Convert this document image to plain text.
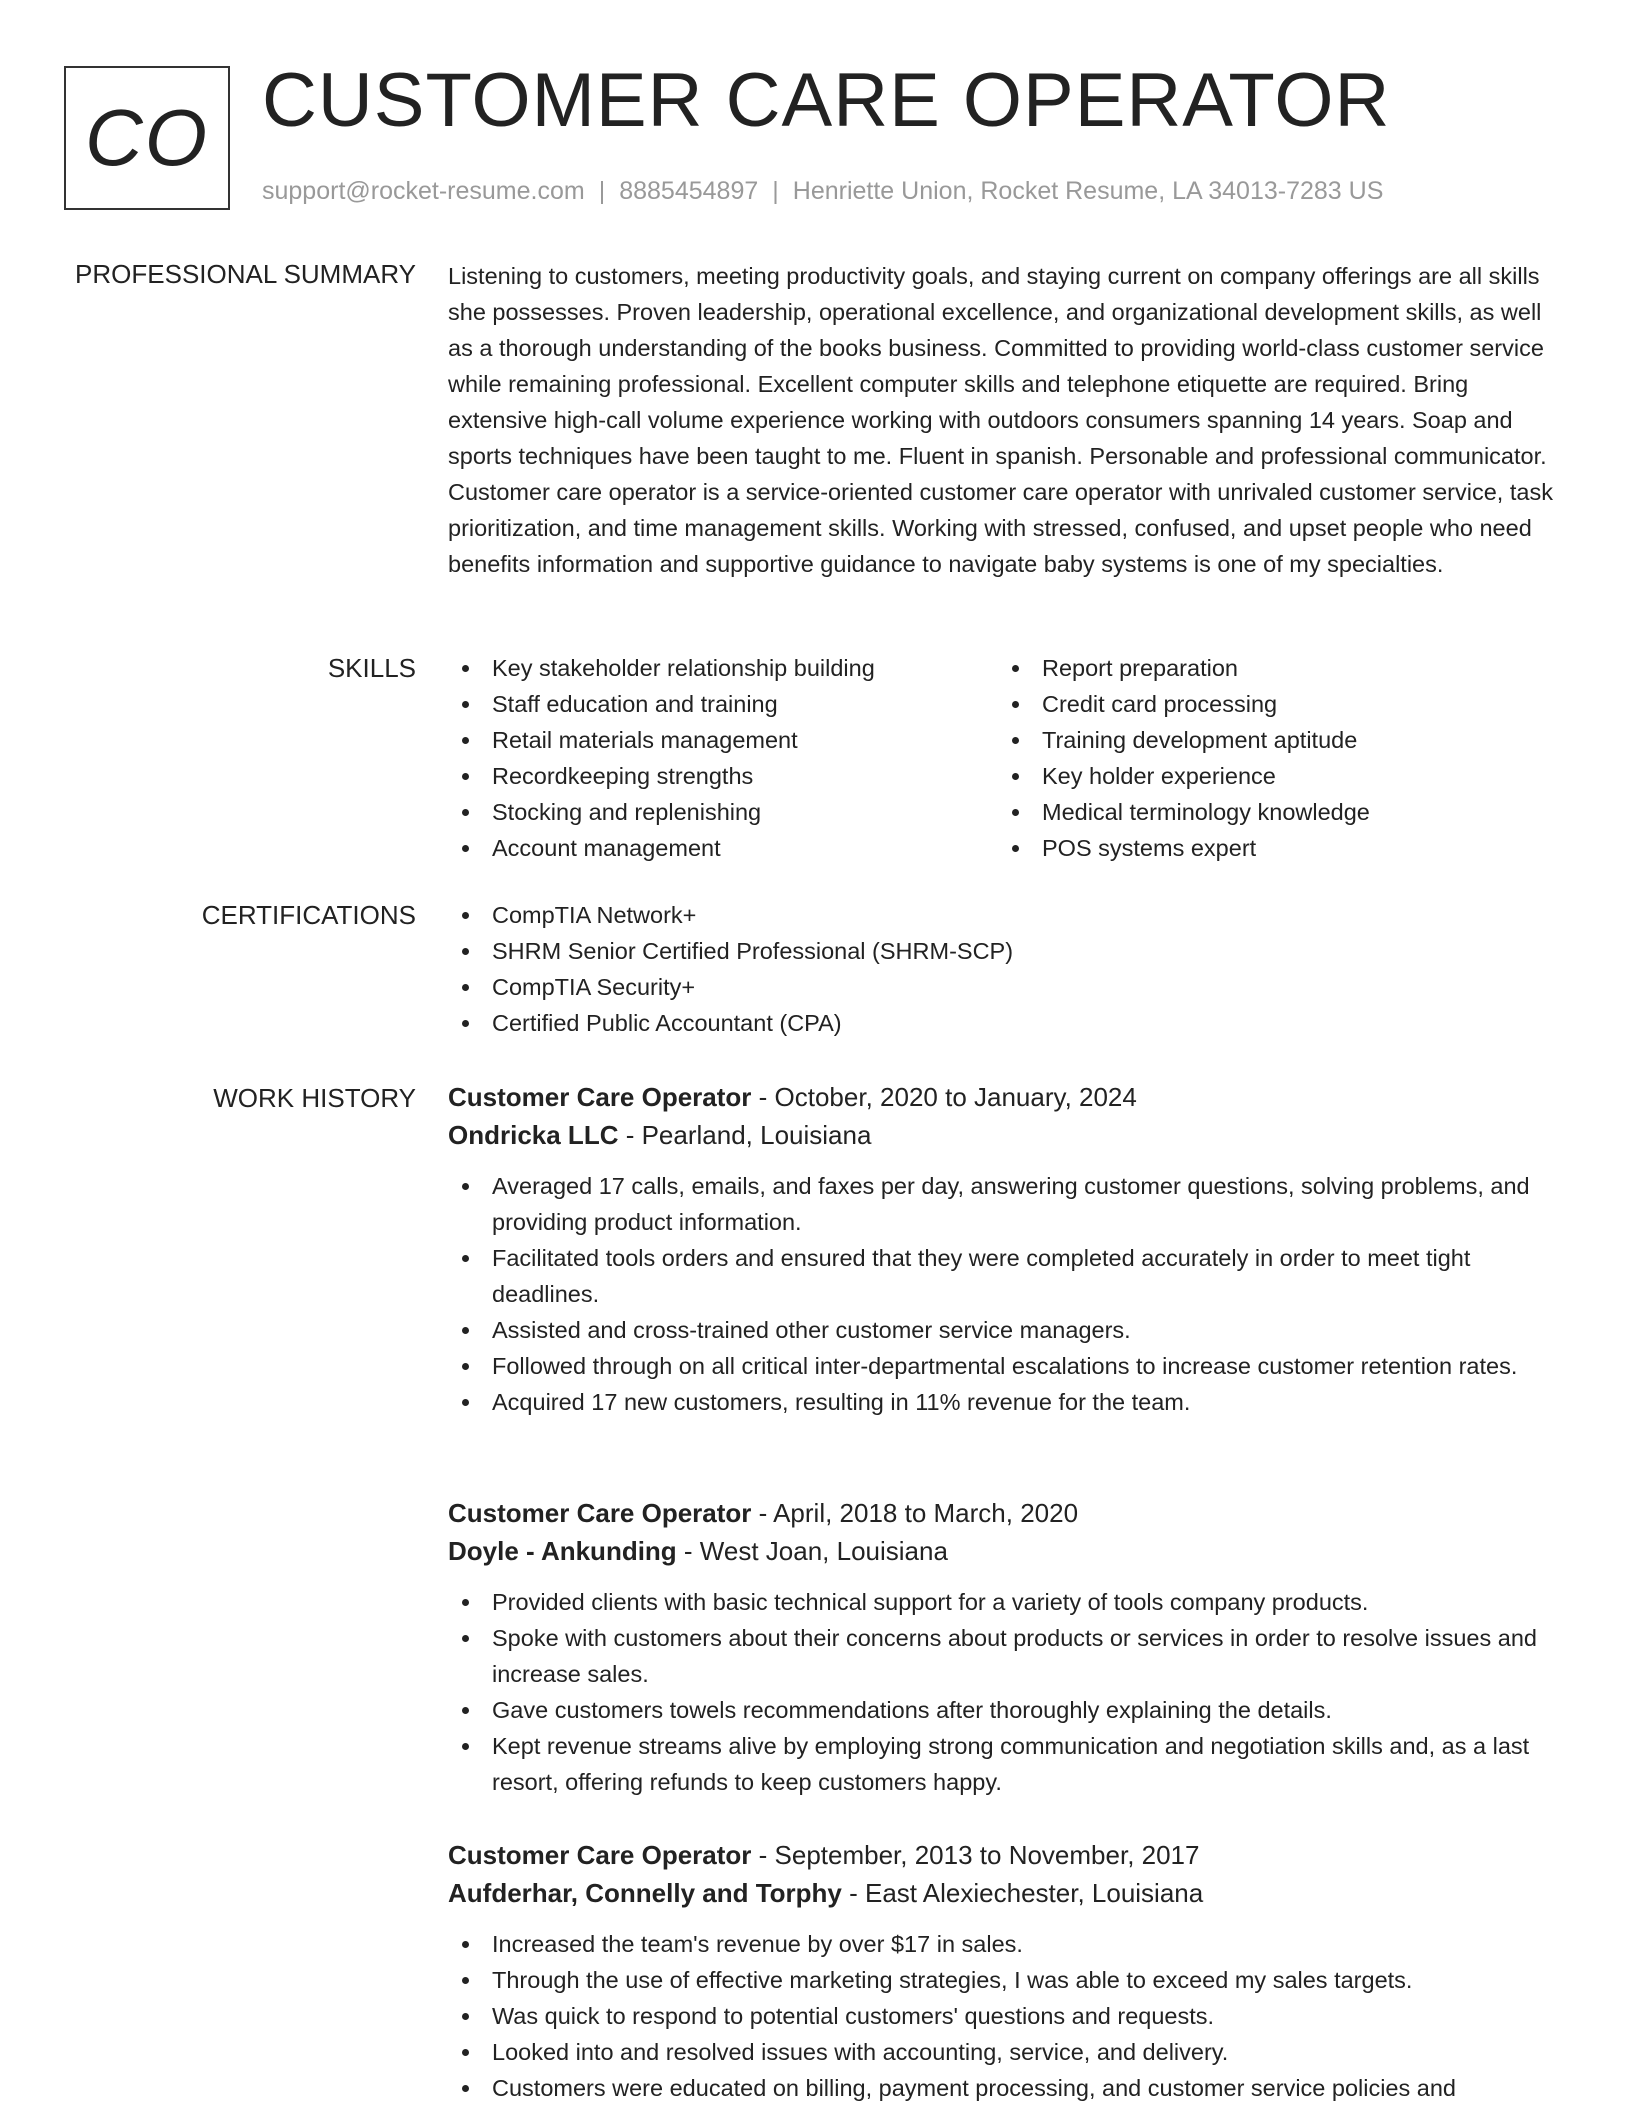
CO CUSTOMER CARE OPERATOR
support@rocket-resume.com | 8885454897 | Henriette Union, Rocket Resume, LA 34013-7283 US
PROFESSIONAL SUMMARY Listening to customers, meeting productivity goals, and staying current on company offerings are all skills she possesses. Proven leadership, operational excellence, and organizational development skills, as well as a thorough understanding of the books business. Committed to providing world-class customer service while remaining professional. Excellent computer skills and telephone etiquette are required. Bring extensive high-call volume experience working with outdoors consumers spanning 14 years. Soap and sports techniques have been taught to me. Fluent in spanish. Personable and professional communicator. Customer care operator is a service-oriented customer care operator with unrivaled customer service, task prioritization, and time management skills. Working with stressed, confused, and upset people who need benefits information and supportive guidance to navigate baby systems is one of my specialties.
SKILLS	Key stakeholder relationship building
Staff education and training
Retail materials management
Recordkeeping strengths
Stocking and replenishing
Account management
Report preparation
Credit card processing
Training development aptitude
Key holder experience
Medical terminology knowledge
POS systems expert
CERTIFICATIONS	CompTIA Network+
SHRM Senior Certified Professional (SHRM-SCP)
CompTIA Security+
Certified Public Accountant (CPA)
WORK HISTORY Customer Care Operator - October, 2020 to January, 2024
Ondricka LLC - Pearland, Louisiana
Averaged 17 calls, emails, and faxes per day, answering customer questions, solving problems, and providing product information.
Facilitated tools orders and ensured that they were completed accurately in order to meet tight deadlines.
Assisted and cross-trained other customer service managers.
Followed through on all critical inter-departmental escalations to increase customer retention rates.
Acquired 17 new customers, resulting in 11% revenue for the team.
Customer Care Operator - April, 2018 to March, 2020
Doyle - Ankunding - West Joan, Louisiana
Provided clients with basic technical support for a variety of tools company products.
Spoke with customers about their concerns about products or services in order to resolve issues and increase sales.
Gave customers towels recommendations after thoroughly explaining the details.
Kept revenue streams alive by employing strong communication and negotiation skills and, as a last resort, offering refunds to keep customers happy.
Customer Care Operator - September, 2013 to November, 2017
Aufderhar, Connelly and Torphy - East Alexiechester, Louisiana
Increased the team's revenue by over $17 in sales.
Through the use of effective marketing strategies, I was able to exceed my sales targets.
Was quick to respond to potential customers' questions and requests.
Looked into and resolved issues with accounting, service, and delivery.
Customers were educated on billing, payment processing, and customer service policies and
